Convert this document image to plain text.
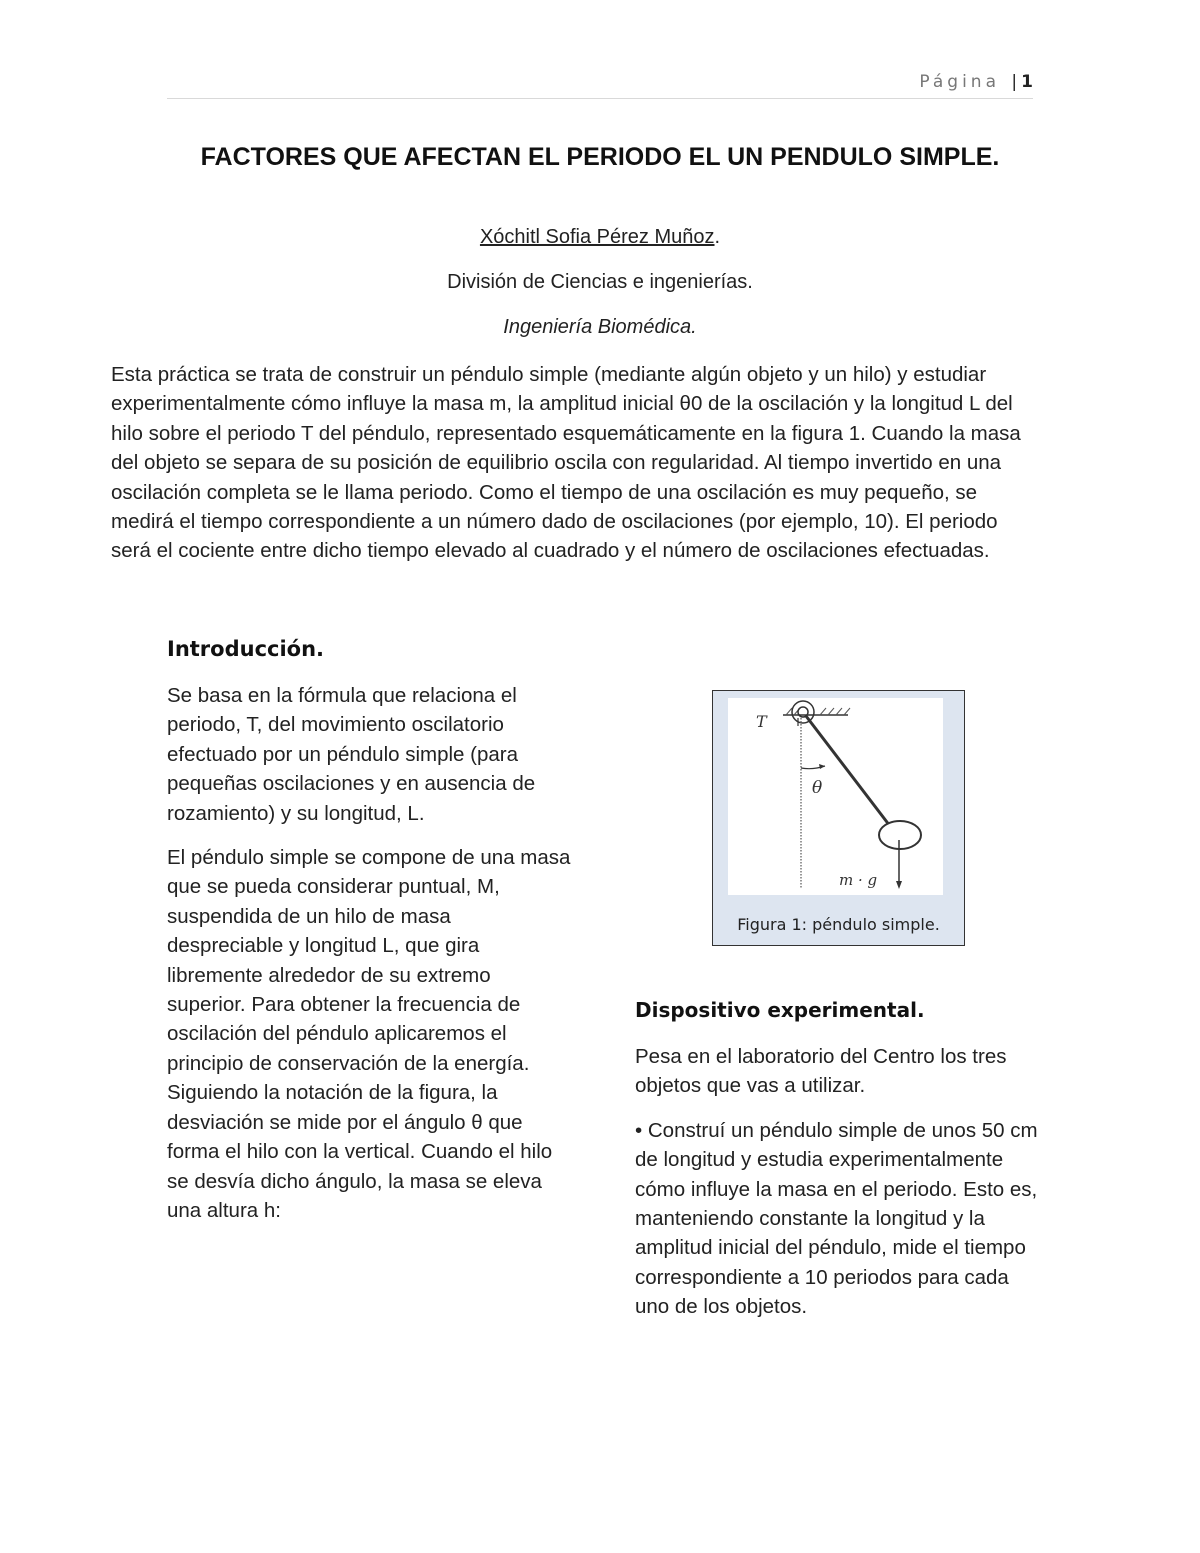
Página | 1
FACTORES QUE AFECTAN EL PERIODO EL UN PENDULO SIMPLE.
Xóchitl Sofia Pérez Muñoz.
División de Ciencias e ingenierías.
Ingeniería Biomédica.

Esta práctica se trata de construir un péndulo simple (mediante algún objeto y un hilo) y estudiar experimentalmente cómo influye la masa m, la amplitud inicial θ0 de la oscilación y la longitud L del hilo sobre el periodo T del péndulo, representado esquemáticamente en la figura 1. Cuando la masa del objeto se separa de su posición de equilibrio oscila con regularidad. Al tiempo invertido en una oscilación completa se le llama periodo. Como el tiempo de una oscilación es muy pequeño, se medirá el tiempo correspondiente a un número dado de oscilaciones (por ejemplo, 10). El periodo será el cociente entre dicho tiempo elevado al cuadrado y el número de oscilaciones efectuadas.

Introducción.

Se basa en la fórmula que relaciona el periodo, T, del movimiento oscilatorio efectuado por un péndulo simple (para pequeñas oscilaciones y en ausencia de rozamiento) y su longitud, L.

El péndulo simple se compone de una masa que se pueda considerar puntual, M, suspendida de un hilo de masa despreciable y longitud L, que gira libremente alrededor de su extremo superior. Para obtener la frecuencia de oscilación del péndulo aplicaremos el principio de conservación de la energía. Siguiendo la notación de la figura, la desviación se mide por el ángulo θ que forma el hilo con la vertical. Cuando el hilo se desvía dicho ángulo, la masa se eleva una altura h:

T
θ
m · g
Figura 1: péndulo simple.
Dispositivo experimental.

Pesa en el laboratorio del Centro los tres objetos que vas a utilizar.

• Construí un péndulo simple de unos 50 cm de longitud y estudia experimentalmente cómo influye la masa en el periodo. Esto es, manteniendo constante la longitud y la amplitud inicial del péndulo, mide el tiempo correspondiente a 10 periodos para cada uno de los objetos.
